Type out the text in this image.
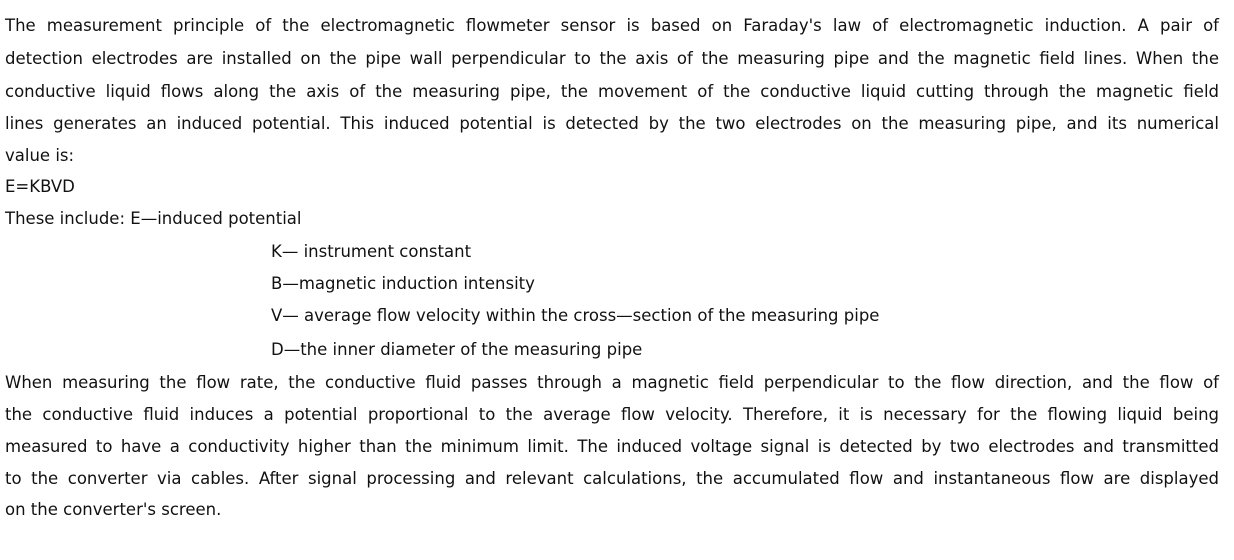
The measurement principle of the electromagnetic flowmeter sensor is based on Faraday's law of electromagnetic induction. A pair of
detection electrodes are installed on the pipe wall perpendicular to the axis of the measuring pipe and the magnetic field lines. When the
conductive liquid flows along the axis of the measuring pipe, the movement of the conductive liquid cutting through the magnetic field
lines generates an induced potential. This induced potential is detected by the two electrodes on the measuring pipe, and its numerical
value is:
E=KBVD
These include: E—induced potential
K— instrument constant
B—magnetic induction intensity
V— average flow velocity within the cross—section of the measuring pipe
D—the inner diameter of the measuring pipe
When measuring the flow rate, the conductive fluid passes through a magnetic field perpendicular to the flow direction, and the flow of
the conductive fluid induces a potential proportional to the average flow velocity. Therefore, it is necessary for the flowing liquid being
measured to have a conductivity higher than the minimum limit. The induced voltage signal is detected by two electrodes and transmitted
to the converter via cables. After signal processing and relevant calculations, the accumulated flow and instantaneous flow are displayed
on the converter's screen.
